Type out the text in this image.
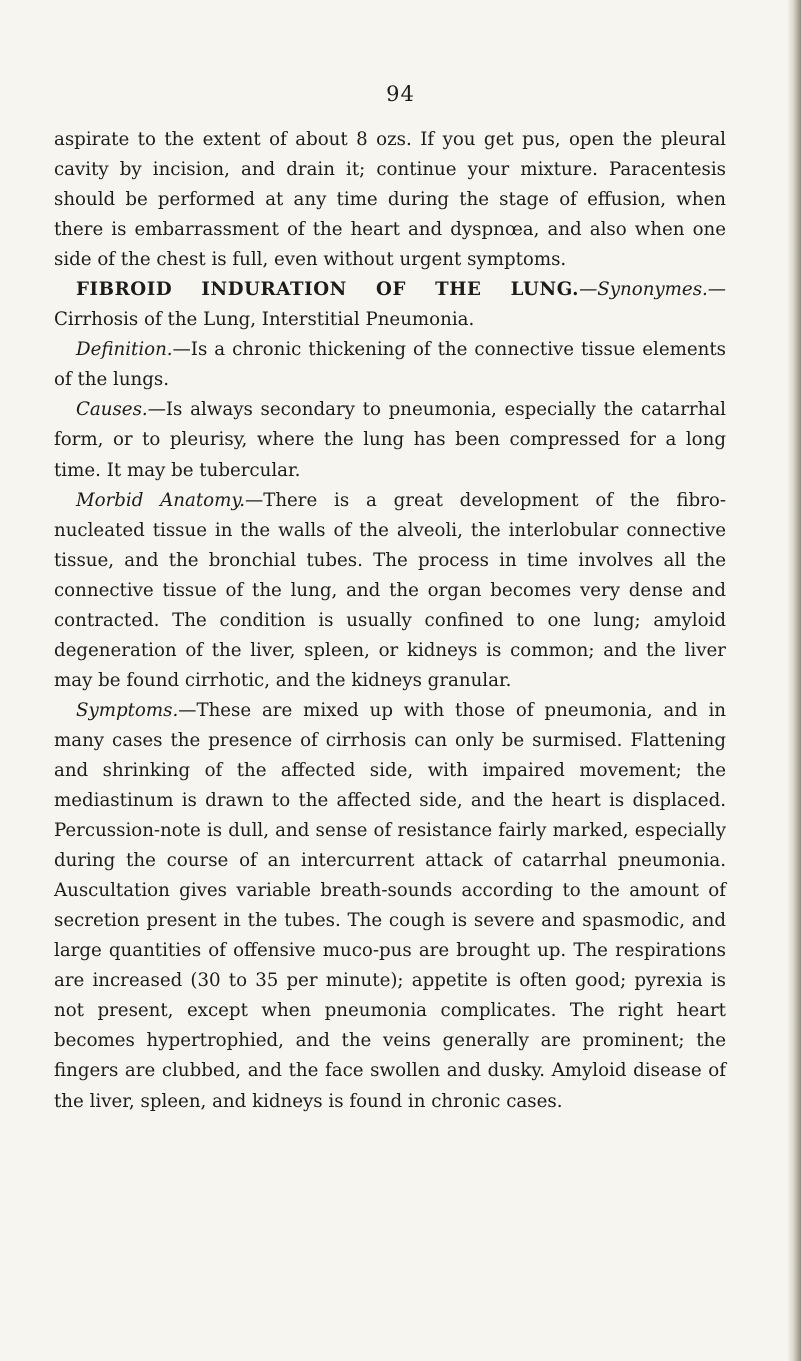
94

aspirate to the extent of about 8 ozs. If you get pus, open the pleural cavity by incision, and drain it; continue your mixture. Paracentesis should be performed at any time during the stage of effusion, when there is embarrassment of the heart and dyspnœa, and also when one side of the chest is full, even without urgent symptoms.

FIBROID INDURATION OF THE LUNG.—Synonymes.— Cirrhosis of the Lung, Interstitial Pneumonia.

Definition.—Is a chronic thickening of the connective tissue elements of the lungs.

Causes.—Is always secondary to pneumonia, especially the catarrhal form, or to pleurisy, where the lung has been compressed for a long time. It may be tubercular.

Morbid Anatomy.—There is a great development of the fibro-nucleated tissue in the walls of the alveoli, the interlobular connective tissue, and the bronchial tubes. The process in time involves all the connective tissue of the lung, and the organ becomes very dense and contracted. The condition is usually confined to one lung; amyloid degeneration of the liver, spleen, or kidneys is common; and the liver may be found cirrhotic, and the kidneys granular.

Symptoms.—These are mixed up with those of pneumonia, and in many cases the presence of cirrhosis can only be surmised. Flattening and shrinking of the affected side, with impaired movement; the mediastinum is drawn to the affected side, and the heart is displaced. Percussion-note is dull, and sense of resistance fairly marked, especially during the course of an intercurrent attack of catarrhal pneumonia. Auscultation gives variable breath-sounds according to the amount of secretion present in the tubes. The cough is severe and spasmodic, and large quantities of offensive muco-pus are brought up. The respirations are increased (30 to 35 per minute); appetite is often good; pyrexia is not present, except when pneumonia complicates. The right heart becomes hypertrophied, and the veins generally are prominent; the fingers are clubbed, and the face swollen and dusky. Amyloid disease of the liver, spleen, and kidneys is found in chronic cases.
